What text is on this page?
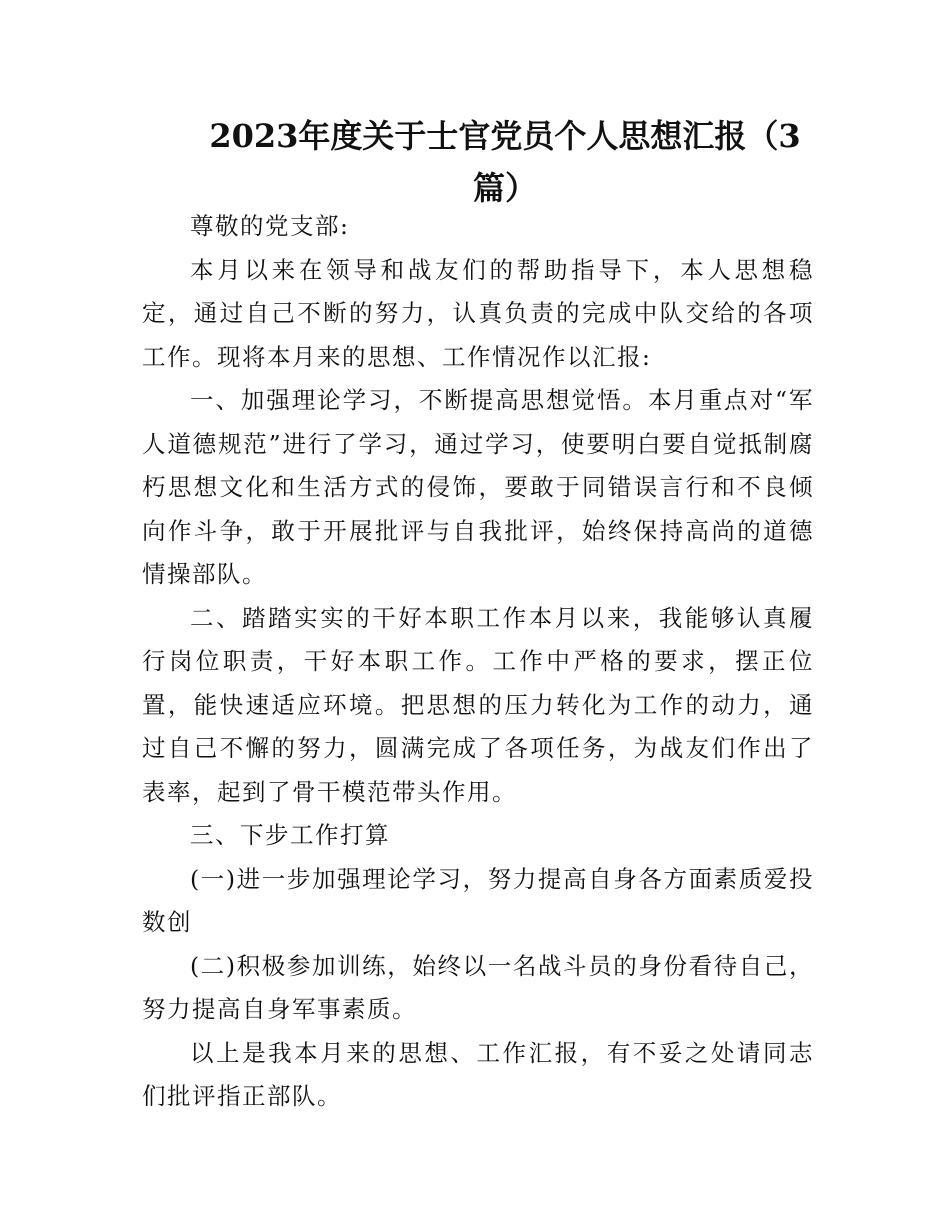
2023年度关于士官党员个人思想汇报（3篇）

尊敬的党支部:

本月以来在领导和战友们的帮助指导下，本人思想稳定，通过自己不断的努力，认真负责的完成中队交给的各项工作。现将本月来的思想、工作情况作以汇报:

一、加强理论学习，不断提高思想觉悟。本月重点对“军人道德规范”进行了学习，通过学习，使要明白要自觉抵制腐朽思想文化和生活方式的侵饰，要敢于同错误言行和不良倾向作斗争，敢于开展批评与自我批评，始终保持高尚的道德情操部队。

二、踏踏实实的干好本职工作本月以来，我能够认真履行岗位职责，干好本职工作。工作中严格的要求，摆正位置，能快速适应环境。把思想的压力转化为工作的动力，通过自己不懈的努力，圆满完成了各项任务，为战友们作出了表率，起到了骨干模范带头作用。

三、下步工作打算

(一)进一步加强理论学习，努力提高自身各方面素质爱投数创

(二)积极参加训练，始终以一名战斗员的身份看待自己，努力提高自身军事素质。

以上是我本月来的思想、工作汇报，有不妥之处请同志们批评指正部队。
